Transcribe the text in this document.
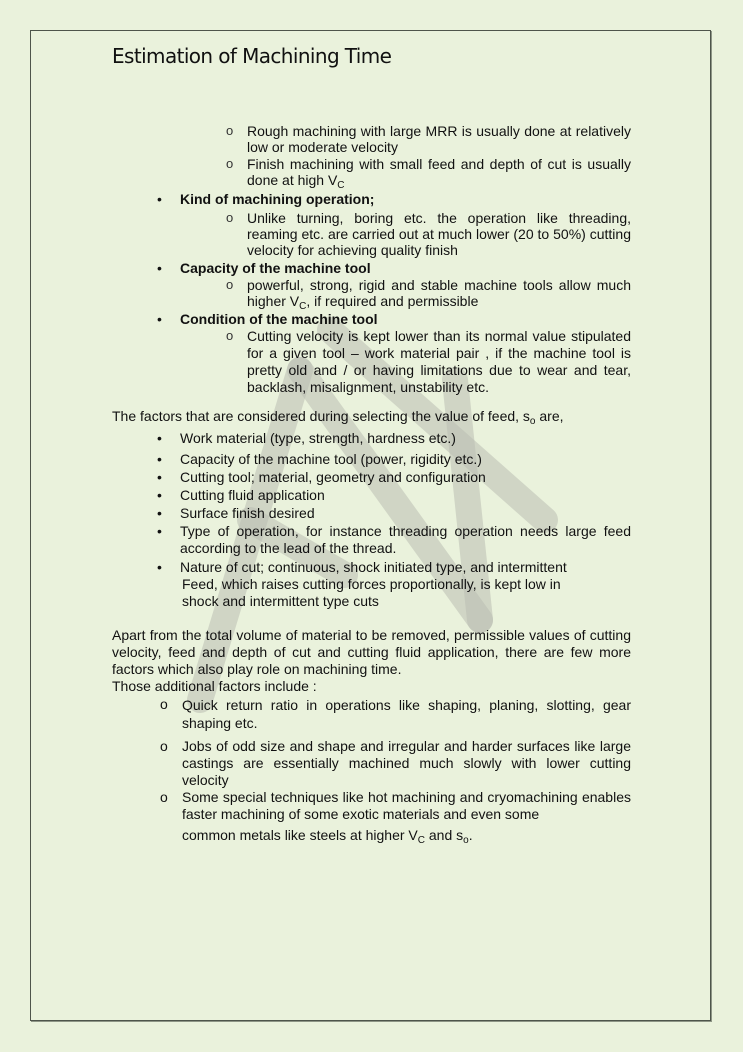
Estimation of Machining Time
o Rough machining with large MRR is usually done at relatively low or moderate velocity
o Finish machining with small feed and depth of cut is usually done at high $V_C$
• Kind of machining operation;
o Unlike turning, boring etc. the operation like threading, reaming etc. are carried out at much lower (20 to 50%) cutting velocity for achieving quality finish
• Capacity of the machine tool
o powerful, strong, rigid and stable machine tools allow much higher $V_C$, if required and permissible
• Condition of the machine tool
o Cutting velocity is kept lower than its normal value stipulated for a given tool – work material pair , if the machine tool is pretty old and / or having limitations due to wear and tear, backlash, misalignment, unstability etc.
The factors that are considered during selecting the value of feed, $s_o$ are,
• Work material (type, strength, hardness etc.)
• Capacity of the machine tool (power, rigidity etc.)
• Cutting tool; material, geometry and configuration
• Cutting fluid application
• Surface finish desired
• Type of operation, for instance threading operation needs large feed according to the lead of the thread.
• Nature of cut; continuous, shock initiated type, and intermittent
Feed, which raises cutting forces proportionally, is kept low in
shock and intermittent type cuts
Apart from the total volume of material to be removed, permissible values of cutting velocity, feed and depth of cut and cutting fluid application, there are few more factors which also play role on machining time.
Those additional factors include :
o Quick return ratio in operations like shaping, planing, slotting, gear shaping etc.
o Jobs of odd size and shape and irregular and harder surfaces like large castings are essentially machined much slowly with lower cutting velocity
o Some special techniques like hot machining and cryomachining enables faster machining of some exotic materials and even some
common metals like steels at higher $V_C$ and $s_o$.
